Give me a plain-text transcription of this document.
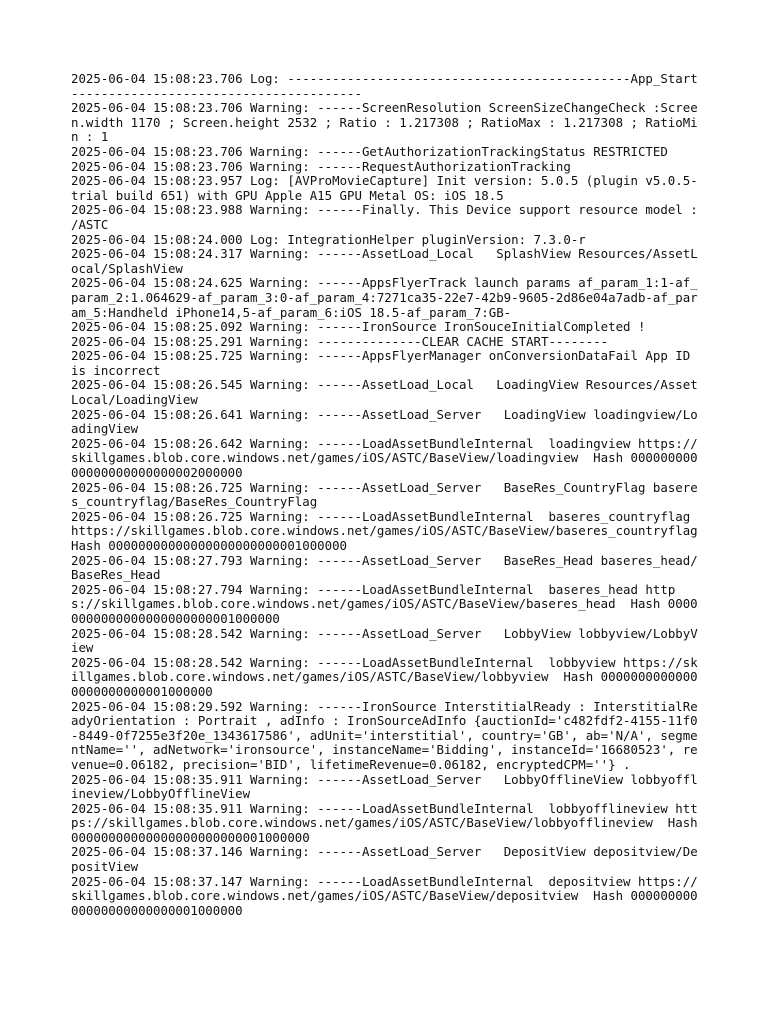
2025-06-04 15:08:23.706 Log: ----------------------------------------------App_Start---------------------------------------

2025-06-04 15:08:23.706 Warning: ------ScreenResolution ScreenSizeChangeCheck :Screen.width 1170 ; Screen.height 2532 ; Ratio : 1.217308 ; RatioMax : 1.217308 ; RatioMin : 1

2025-06-04 15:08:23.706 Warning: ------GetAuthorizationTrackingStatus RESTRICTED

2025-06-04 15:08:23.706 Warning: ------RequestAuthorizationTracking

2025-06-04 15:08:23.957 Log: [AVProMovieCapture] Init version: 5.0.5 (plugin v5.0.5-trial build 651) with GPU Apple A15 GPU Metal OS: iOS 18.5

2025-06-04 15:08:23.988 Warning: ------Finally. This Device support resource model : /ASTC

2025-06-04 15:08:24.000 Log: IntegrationHelper pluginVersion: 7.3.0-r

2025-06-04 15:08:24.317 Warning: ------AssetLoad_Local   SplashView Resources/AssetLocal/SplashView

2025-06-04 15:08:24.625 Warning: ------AppsFlyerTrack launch params af_param_1:1-af_param_2:1.064629-af_param_3:0-af_param_4:7271ca35-22e7-42b9-9605-2d86e04a7adb-af_param_5:Handheld iPhone14,5-af_param_6:iOS 18.5-af_param_7:GB-

2025-06-04 15:08:25.092 Warning: ------IronSource IronSouceInitialCompleted !

2025-06-04 15:08:25.291 Warning: --------------CLEAR CACHE START--------

2025-06-04 15:08:25.725 Warning: ------AppsFlyerManager onConversionDataFail App ID is incorrect

2025-06-04 15:08:26.545 Warning: ------AssetLoad_Local   LoadingView Resources/AssetLocal/LoadingView

2025-06-04 15:08:26.641 Warning: ------AssetLoad_Server   LoadingView loadingview/LoadingView

2025-06-04 15:08:26.642 Warning: ------LoadAssetBundleInternal  loadingview https://skillgames.blob.core.windows.net/games/iOS/ASTC/BaseView/loadingview  Hash 00000000000000000000000002000000

2025-06-04 15:08:26.725 Warning: ------AssetLoad_Server   BaseRes_CountryFlag baseres_countryflag/BaseRes_CountryFlag

2025-06-04 15:08:26.725 Warning: ------LoadAssetBundleInternal  baseres_countryflag https://skillgames.blob.core.windows.net/games/iOS/ASTC/BaseView/baseres_countryflag  Hash 00000000000000000000000001000000

2025-06-04 15:08:27.793 Warning: ------AssetLoad_Server   BaseRes_Head baseres_head/BaseRes_Head

2025-06-04 15:08:27.794 Warning: ------LoadAssetBundleInternal  baseres_head https://skillgames.blob.core.windows.net/games/iOS/ASTC/BaseView/baseres_head  Hash 00000000000000000000000001000000

2025-06-04 15:08:28.542 Warning: ------AssetLoad_Server   LobbyView lobbyview/LobbyView

2025-06-04 15:08:28.542 Warning: ------LoadAssetBundleInternal  lobbyview https://skillgames.blob.core.windows.net/games/iOS/ASTC/BaseView/lobbyview  Hash 00000000000000000000000001000000

2025-06-04 15:08:29.592 Warning: ------IronSource InterstitialReady : InterstitialReadyOrientation : Portrait , adInfo : IronSourceAdInfo {auctionId='c482fdf2-4155-11f0-8449-0f7255e3f20e_1343617586', adUnit='interstitial', country='GB', ab='N/A', segmentName='', adNetwork='ironsource', instanceName='Bidding', instanceId='16680523', revenue=0.06182, precision='BID', lifetimeRevenue=0.06182, encryptedCPM=''} .

2025-06-04 15:08:35.911 Warning: ------AssetLoad_Server   LobbyOfflineView lobbyofflineview/LobbyOfflineView

2025-06-04 15:08:35.911 Warning: ------LoadAssetBundleInternal  lobbyofflineview https://skillgames.blob.core.windows.net/games/iOS/ASTC/BaseView/lobbyofflineview  Hash 00000000000000000000000001000000

2025-06-04 15:08:37.146 Warning: ------AssetLoad_Server   DepositView depositview/DepositView

2025-06-04 15:08:37.147 Warning: ------LoadAssetBundleInternal  depositview https://skillgames.blob.core.windows.net/games/iOS/ASTC/BaseView/depositview  Hash 00000000000000000000000001000000
